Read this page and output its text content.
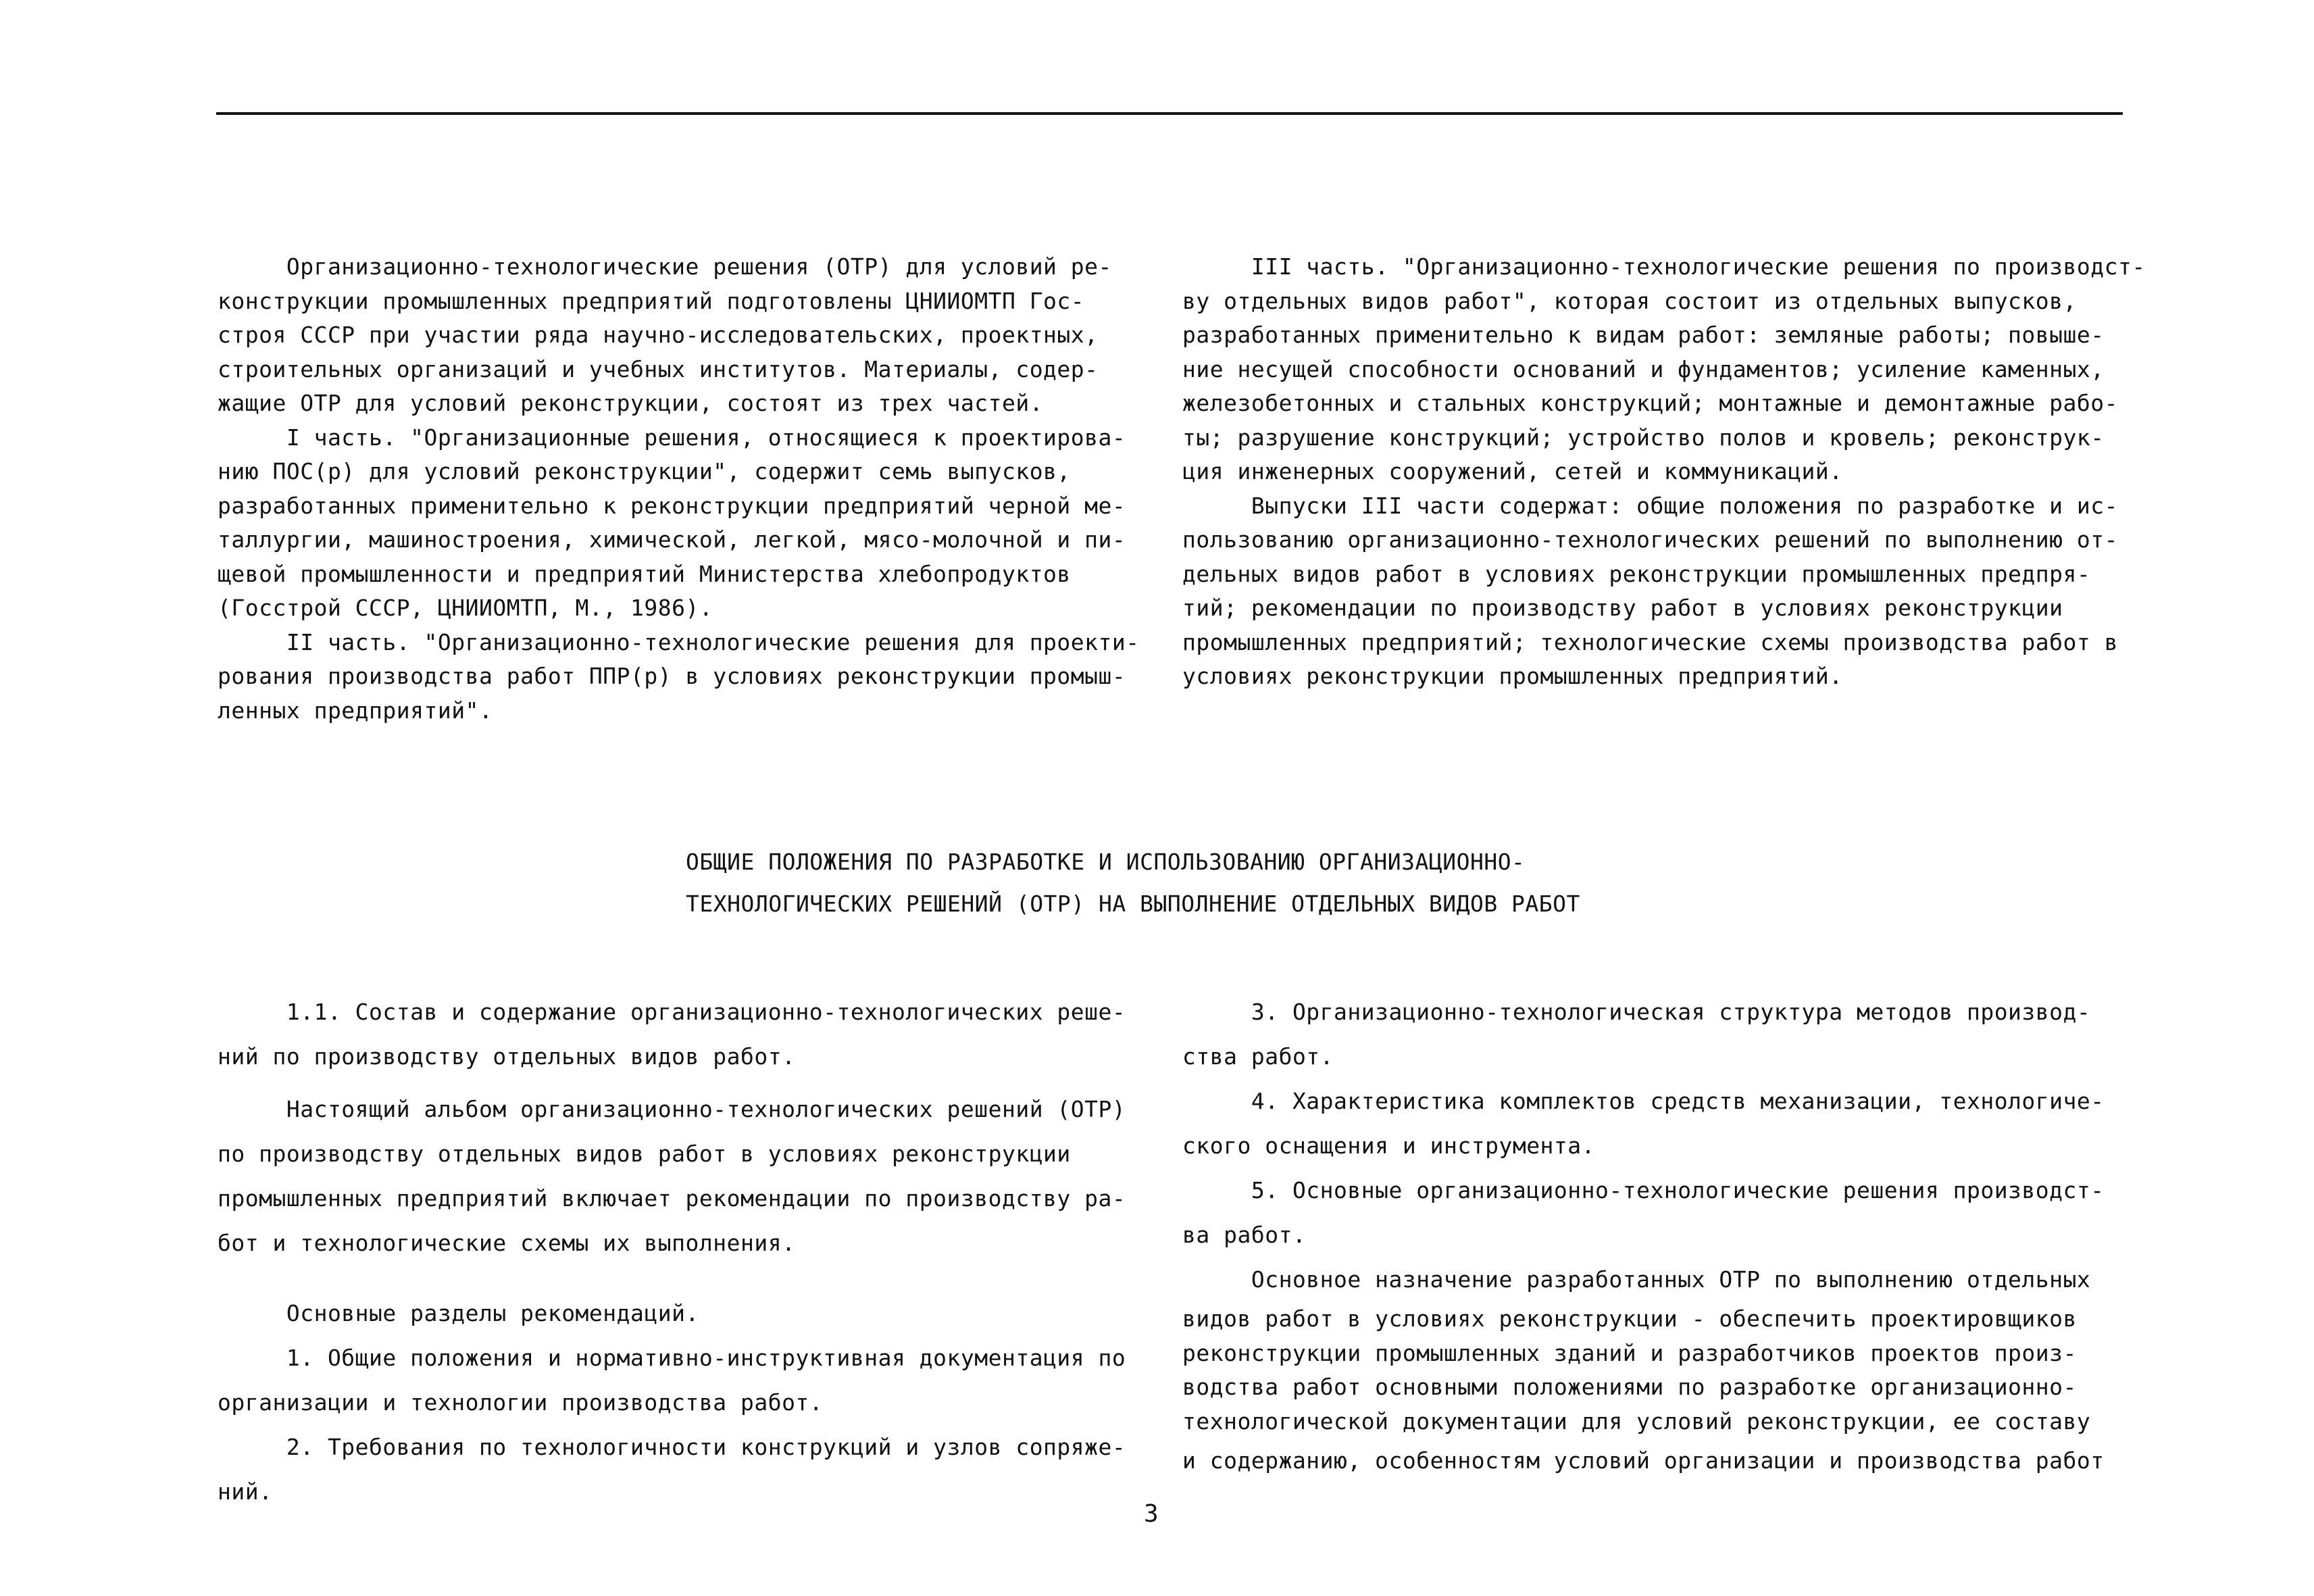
Организационно-технологические решения (ОТР) для условий ре-

конструкции промышленных предприятий подготовлены ЦНИИОМТП Гос-

строя СССР при участии ряда научно-исследовательских, проектных,

строительных организаций и учебных институтов. Материалы, содер-

жащие ОТР для условий реконструкции, состоят из трех частей.

I часть. "Организационные решения, относящиеся к проектирова-

нию ПОС(р) для условий реконструкции", содержит семь выпусков,

разработанных применительно к реконструкции предприятий черной ме-

таллургии, машиностроения, химической, легкой, мясо-молочной и пи-

щевой промышленности и предприятий Министерства хлебопродуктов

(Госстрой СССР, ЦНИИОМТП, М., 1986).

II часть. "Организационно-технологические решения для проекти-

рования производства работ ППР(р) в условиях реконструкции промыш-

ленных предприятий".

III часть. "Организационно-технологические решения по производст-

ву отдельных видов работ", которая состоит из отдельных выпусков,

разработанных применительно к видам работ: земляные работы; повыше-

ние несущей способности оснований и фундаментов; усиление каменных,

железобетонных и стальных конструкций; монтажные и демонтажные рабо-

ты; разрушение конструкций; устройство полов и кровель; реконструк-

ция инженерных сооружений, сетей и коммуникаций.

Выпуски III части содержат: общие положения по разработке и ис-

пользованию организационно-технологических решений по выполнению от-

дельных видов работ в условиях реконструкции промышленных предпря-

тий; рекомендации по производству работ в условиях реконструкции

промышленных предприятий; технологические схемы производства работ в

условиях реконструкции промышленных предприятий.

ОБЩИЕ ПОЛОЖЕНИЯ ПО РАЗРАБОТКЕ И ИСПОЛЬЗОВАНИЮ ОРГАНИЗАЦИОННО-
ТЕХНОЛОГИЧЕСКИХ РЕШЕНИЙ (ОТР) НА ВЫПОЛНЕНИЕ ОТДЕЛЬНЫХ ВИДОВ РАБОТ

1.1. Состав и содержание организационно-технологических реше-

ний по производству отдельных видов работ.

Настоящий альбом организационно-технологических решений (ОТР)

по производству отдельных видов работ в условиях реконструкции

промышленных предприятий включает рекомендации по производству ра-

бот и технологические схемы их выполнения.

Основные разделы рекомендаций.

1. Общие положения и нормативно-инструктивная документация по

организации и технологии производства работ.

2. Требования по технологичности конструкций и узлов сопряже-

ний.

3. Организационно-технологическая структура методов производ-

ства работ.

4. Характеристика комплектов средств механизации, технологиче-

ского оснащения и инструмента.

5. Основные организационно-технологические решения производст-

ва работ.

Основное назначение разработанных ОТР по выполнению отдельных

видов работ в условиях реконструкции - обеспечить проектировщиков

реконструкции промышленных зданий и разработчиков проектов произ-

водства работ основными положениями по разработке организационно-

технологической документации для условий реконструкции, ее составу

и содержанию, особенностям условий организации и производства работ

3
